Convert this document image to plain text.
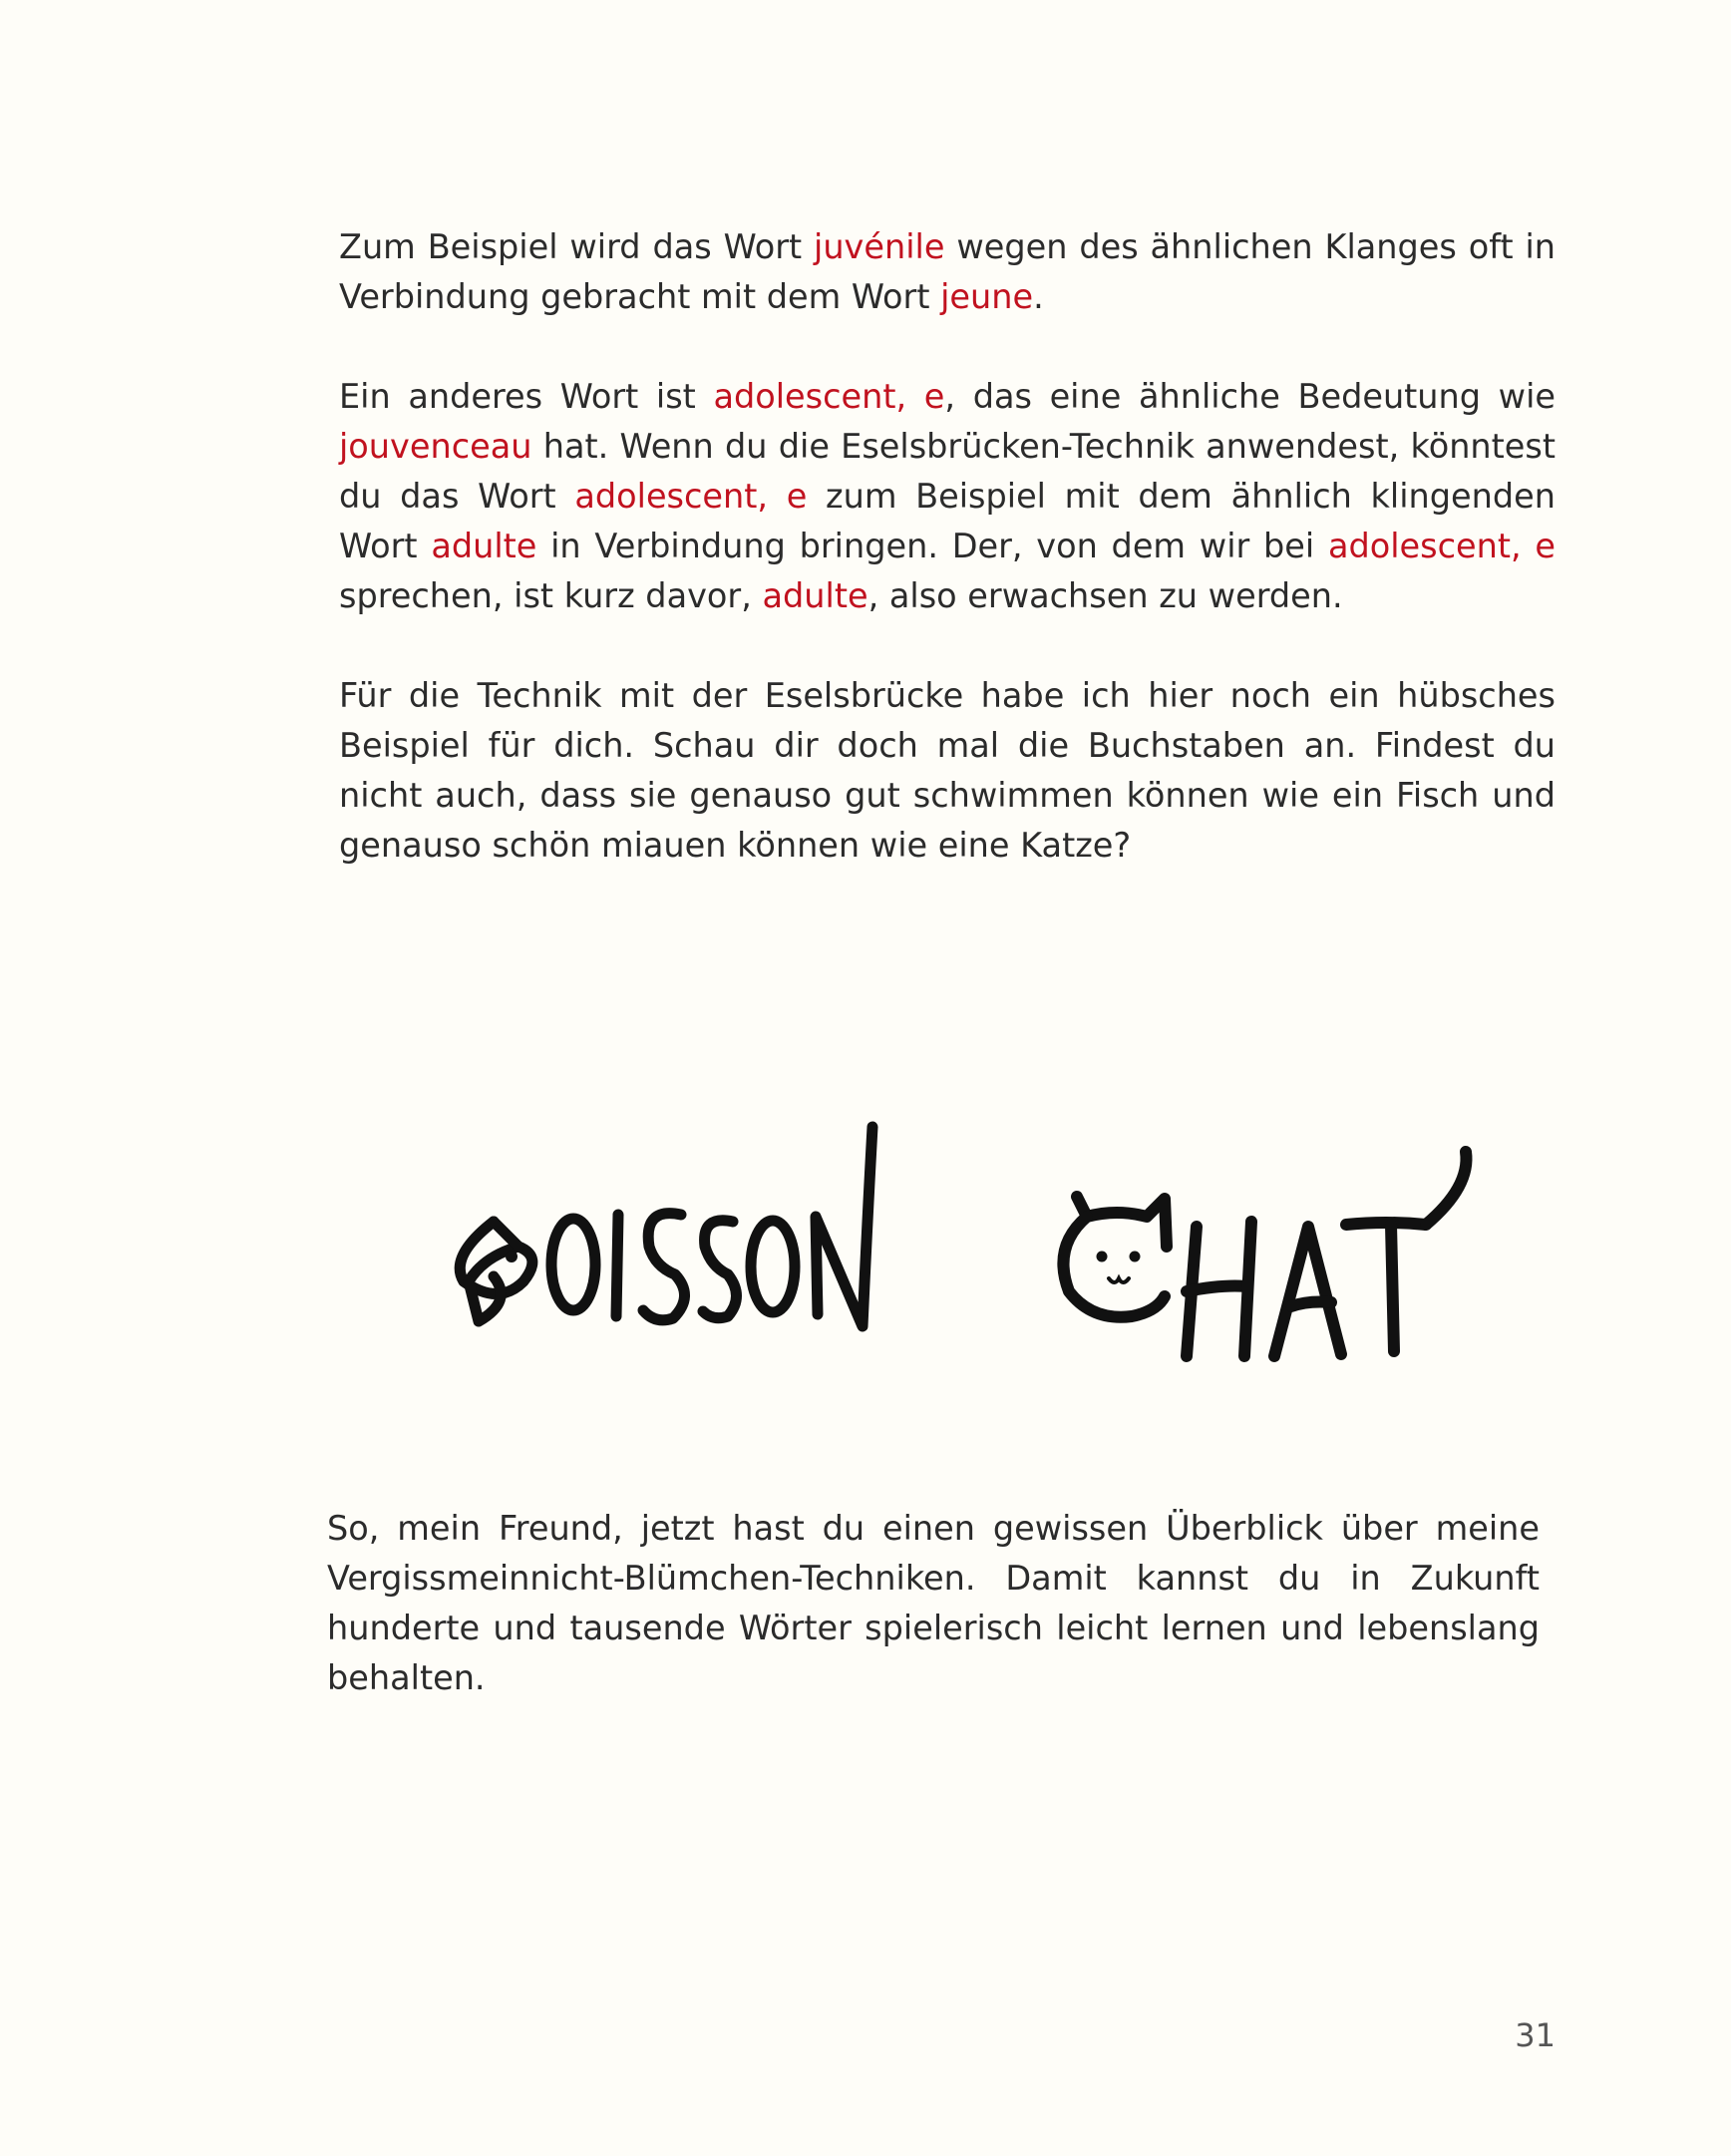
Zum Beispiel wird das Wort juvénile wegen des ähnlichen Klanges oft in Verbindung gebracht mit dem Wort jeune.

Ein anderes Wort ist adolescent, e, das eine ähnliche Bedeutung wie jouvenceau hat. Wenn du die Eselsbrücken-Technik anwendest, könntest du das Wort adolescent, e zum Beispiel mit dem ähnlich klingenden Wort adulte in Verbindung bringen. Der, von dem wir bei adolescent, e sprechen, ist kurz davor, adulte, also erwachsen zu werden.

Für die Technik mit der Eselsbrücke habe ich hier noch ein hübsches Beispiel für dich. Schau dir doch mal die Buchstaben an. Findest du nicht auch, dass sie genauso gut schwimmen können wie ein Fisch und genauso schön miauen können wie eine Katze?

So, mein Freund, jetzt hast du einen gewissen Überblick über meine Vergissmeinnicht-Blümchen-Techniken. Damit kannst du in Zukunft hunderte und tausende Wörter spielerisch leicht lernen und lebenslang behalten.

31
